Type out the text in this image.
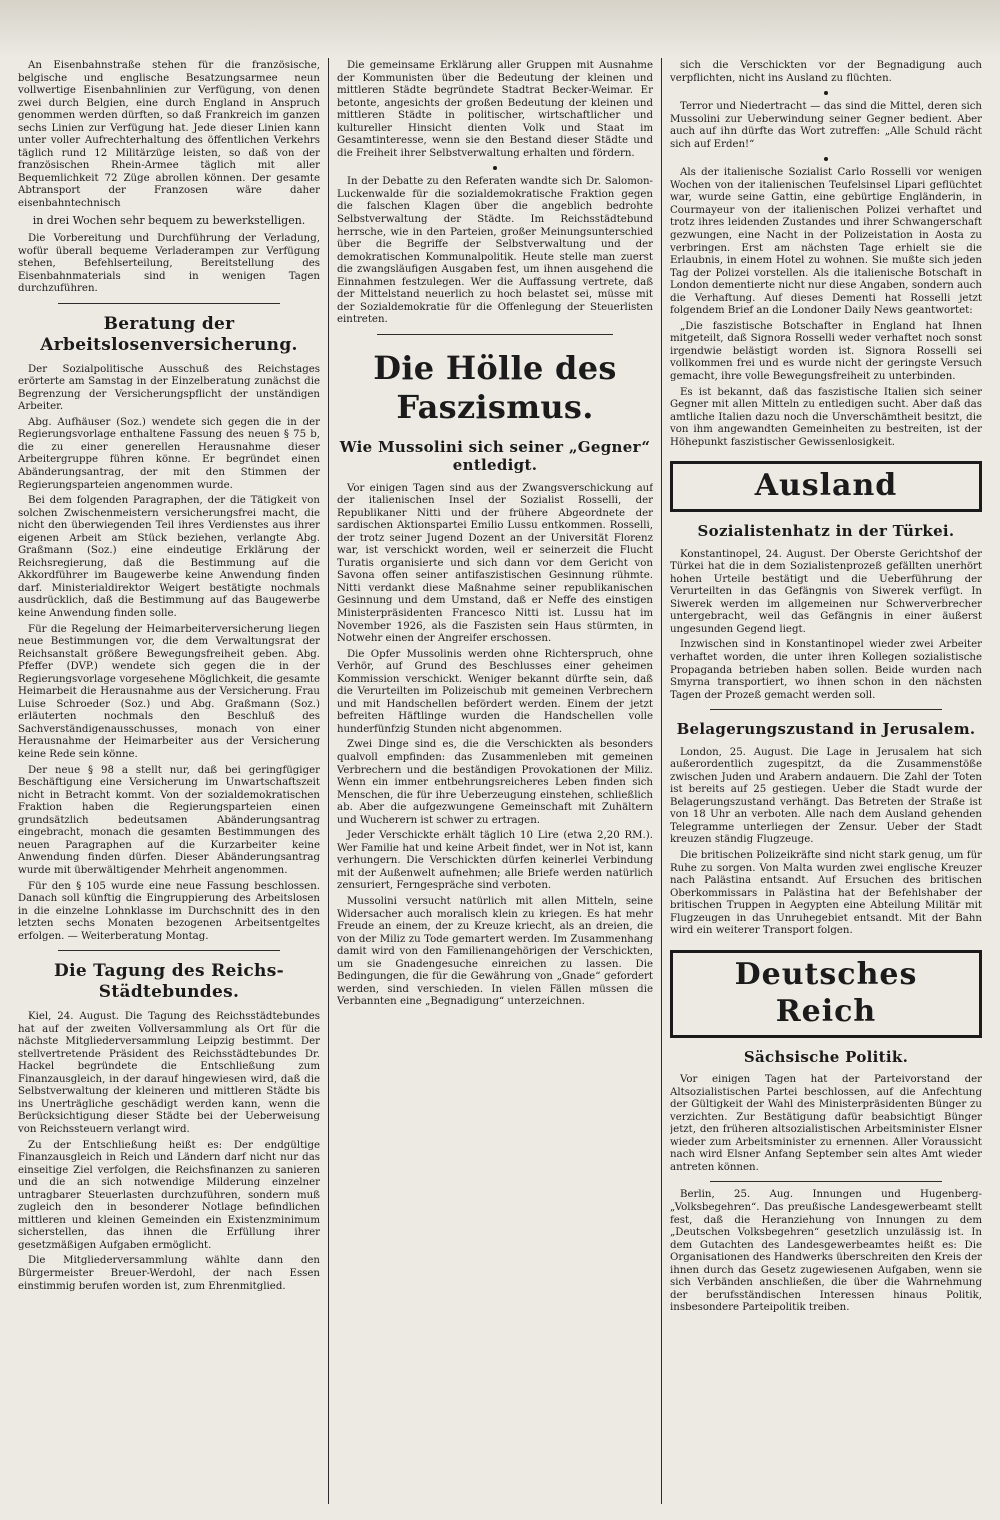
An Eisenbahnstraße stehen für die französische, belgische und englische Besatzungsarmee neun vollwertige Eisenbahnlinien zur Verfügung, von denen zwei durch Belgien, eine durch England in Anspruch genommen werden dürften, so daß Frankreich im ganzen sechs Linien zur Verfügung hat. Jede dieser Linien kann unter voller Aufrechterhaltung des öffentlichen Verkehrs täglich rund 12 Militärzüge leisten, so daß von der französischen Rhein-Armee täglich mit aller Bequemlichkeit 72 Züge abrollen können. Der gesamte Abtransport der Franzosen wäre daher eisenbahntechnisch

in drei Wochen sehr bequem zu bewerkstelligen.

Die Vorbereitung und Durchführung der Verladung, wofür überall bequeme Verladerampen zur Verfügung stehen, Befehlserteilung, Bereitstellung des Eisenbahnmaterials sind in wenigen Tagen durchzuführen.

Beratung der Arbeitslosenversicherung.

Der Sozialpolitische Ausschuß des Reichstages erörterte am Samstag in der Einzelberatung zunächst die Begrenzung der Versicherungspflicht der unständigen Arbeiter.

Abg. Aufhäuser (Soz.) wendete sich gegen die in der Regierungsvorlage enthaltene Fassung des neuen § 75 b, die zu einer generellen Herausnahme dieser Arbeitergruppe führen könne. Er begründet einen Abänderungsantrag, der mit den Stimmen der Regierungsparteien angenommen wurde.

Bei dem folgenden Paragraphen, der die Tätigkeit von solchen Zwischenmeistern versicherungsfrei macht, die nicht den überwiegenden Teil ihres Verdienstes aus ihrer eigenen Arbeit am Stück beziehen, verlangte Abg. Graßmann (Soz.) eine eindeutige Erklärung der Reichsregierung, daß die Bestimmung auf die Akkordführer im Baugewerbe keine Anwendung finden darf. Ministerialdirektor Weigert bestätigte nochmals ausdrücklich, daß die Bestimmung auf das Baugewerbe keine Anwendung finden solle.

Für die Regelung der Heimarbeiterversicherung liegen neue Bestimmungen vor, die dem Verwaltungsrat der Reichsanstalt größere Bewegungsfreiheit geben. Abg. Pfeffer (DVP.) wendete sich gegen die in der Regierungsvorlage vorgesehene Möglichkeit, die gesamte Heimarbeit die Herausnahme aus der Versicherung. Frau Luise Schroeder (Soz.) und Abg. Graßmann (Soz.) erläuterten nochmals den Beschluß des Sachverständigenausschusses, monach von einer Herausnahme der Heimarbeiter aus der Versicherung keine Rede sein könne.

Der neue § 98 a stellt nur, daß bei geringfügiger Beschäftigung eine Versicherung im Unwartschaftszeit nicht in Betracht kommt. Von der sozialdemokratischen Fraktion haben die Regierungsparteien einen grundsätzlich bedeutsamen Abänderungsantrag eingebracht, monach die gesamten Bestimmungen des neuen Paragraphen auf die Kurzarbeiter keine Anwendung finden dürfen. Dieser Abänderungsantrag wurde mit überwältigender Mehrheit angenommen.

Für den § 105 wurde eine neue Fassung beschlossen. Danach soll künftig die Eingruppierung des Arbeitslosen in die einzelne Lohnklasse im Durchschnitt des in den letzten sechs Monaten bezogenen Arbeitsentgeltes erfolgen. — Weiterberatung Montag.

Die Tagung des Reichs-Städtebundes.

Kiel, 24. August. Die Tagung des Reichsstädtebundes hat auf der zweiten Vollversammlung als Ort für die nächste Mitgliederversammlung Leipzig bestimmt. Der stellvertretende Präsident des Reichsstädtebundes Dr. Hackel begründete die Entschließung zum Finanzausgleich, in der darauf hingewiesen wird, daß die Selbstverwaltung der kleineren und mittleren Städte bis ins Unerträgliche geschädigt werden kann, wenn die Berücksichtigung dieser Städte bei der Ueberweisung von Reichssteuern verlangt wird.

Zu der Entschließung heißt es: Der endgültige Finanzausgleich in Reich und Ländern darf nicht nur das einseitige Ziel verfolgen, die Reichsfinanzen zu sanieren und die an sich notwendige Milderung einzelner untragbarer Steuerlasten durchzuführen, sondern muß zugleich den in besonderer Notlage befindlichen mittleren und kleinen Gemeinden ein Existenzminimum sicherstellen, das ihnen die Erfüllung ihrer gesetzmäßigen Aufgaben ermöglicht.

Die Mitgliederversammlung wählte dann den Bürgermeister Breuer-Werdohl, der nach Essen einstimmig berufen worden ist, zum Ehrenmitglied.

Die gemeinsame Erklärung aller Gruppen mit Ausnahme der Kommunisten über die Bedeutung der kleinen und mittleren Städte begründete Stadtrat Becker-Weimar. Er betonte, angesichts der großen Bedeutung der kleinen und mittleren Städte in politischer, wirtschaftlicher und kultureller Hinsicht dienten Volk und Staat im Gesamtinteresse, wenn sie den Bestand dieser Städte und die Freiheit ihrer Selbstverwaltung erhalten und fördern.

In der Debatte zu den Referaten wandte sich Dr. Salomon-Luckenwalde für die sozialdemokratische Fraktion gegen die falschen Klagen über die angeblich bedrohte Selbstverwaltung der Städte. Im Reichsstädtebund herrsche, wie in den Parteien, großer Meinungsunterschied über die Begriffe der Selbstverwaltung und der demokratischen Kommunalpolitik. Heute stelle man zuerst die zwangsläufigen Ausgaben fest, um ihnen ausgehend die Einnahmen festzulegen. Wer die Auffassung vertrete, daß der Mittelstand neuerlich zu hoch belastet sei, müsse mit der Sozialdemokratie für die Offenlegung der Steuerlisten eintreten.

Die Hölle des Faszismus.
Wie Mussolini sich seiner „Gegner“ entledigt.

Vor einigen Tagen sind aus der Zwangsverschickung auf der italienischen Insel der Sozialist Rosselli, der Republikaner Nitti und der frühere Abgeordnete der sardischen Aktionspartei Emilio Lussu entkommen. Rosselli, der trotz seiner Jugend Dozent an der Universität Florenz war, ist verschickt worden, weil er seinerzeit die Flucht Turatis organisierte und sich dann vor dem Gericht von Savona offen seiner antifaszistischen Gesinnung rühmte. Nitti verdankt diese Maßnahme seiner republikanischen Gesinnung und dem Umstand, daß er Neffe des einstigen Ministerpräsidenten Francesco Nitti ist. Lussu hat im November 1926, als die Faszisten sein Haus stürmten, in Notwehr einen der Angreifer erschossen.

Die Opfer Mussolinis werden ohne Richterspruch, ohne Verhör, auf Grund des Beschlusses einer geheimen Kommission verschickt. Weniger bekannt dürfte sein, daß die Verurteilten im Polizeischub mit gemeinen Verbrechern und mit Handschellen befördert werden. Einem der jetzt befreiten Häftlinge wurden die Handschellen volle hunderfünfzig Stunden nicht abgenommen.

Zwei Dinge sind es, die die Verschickten als besonders qualvoll empfinden: das Zusammenleben mit gemeinen Verbrechern und die beständigen Provokationen der Miliz. Wenn ein immer entbehrungsreicheres Leben finden sich Menschen, die für ihre Ueberzeugung einstehen, schließlich ab. Aber die aufgezwungene Gemeinschaft mit Zuhältern und Wucherern ist schwer zu ertragen.

Jeder Verschickte erhält täglich 10 Lire (etwa 2,20 RM.). Wer Familie hat und keine Arbeit findet, wer in Not ist, kann verhungern. Die Verschickten dürfen keinerlei Verbindung mit der Außenwelt aufnehmen; alle Briefe werden natürlich zensuriert, Ferngespräche sind verboten.

Mussolini versucht natürlich mit allen Mitteln, seine Widersacher auch moralisch klein zu kriegen. Es hat mehr Freude an einem, der zu Kreuze kriecht, als an dreien, die von der Miliz zu Tode gemartert werden. Im Zusammenhang damit wird von den Familienangehörigen der Verschickten, um sie Gnadengesuche einreichen zu lassen. Die Bedingungen, die für die Gewährung von „Gnade“ gefordert werden, sind verschieden. In vielen Fällen müssen die Verbannten eine „Begnadigung“ unterzeichnen.

sich die Verschickten vor der Begnadigung auch verpflichten, nicht ins Ausland zu flüchten.

Terror und Niedertracht — das sind die Mittel, deren sich Mussolini zur Ueberwindung seiner Gegner bedient. Aber auch auf ihn dürfte das Wort zutreffen: „Alle Schuld rächt sich auf Erden!“

Als der italienische Sozialist Carlo Rosselli vor wenigen Wochen von der italienischen Teufelsinsel Lipari geflüchtet war, wurde seine Gattin, eine gebürtige Engländerin, in Courmayeur von der italienischen Polizei verhaftet und trotz ihres leidenden Zustandes und ihrer Schwangerschaft gezwungen, eine Nacht in der Polizeistation in Aosta zu verbringen. Erst am nächsten Tage erhielt sie die Erlaubnis, in einem Hotel zu wohnen. Sie mußte sich jeden Tag der Polizei vorstellen. Als die italienische Botschaft in London dementierte nicht nur diese Angaben, sondern auch die Verhaftung. Auf dieses Dementi hat Rosselli jetzt folgendem Brief an die Londoner Daily News geantwortet:

„Die faszistische Botschafter in England hat Ihnen mitgeteilt, daß Signora Rosselli weder verhaftet noch sonst irgendwie belästigt worden ist. Signora Rosselli sei vollkommen frei und es wurde nicht der geringste Versuch gemacht, ihre volle Bewegungsfreiheit zu unterbinden.

Es ist bekannt, daß das faszistische Italien sich seiner Gegner mit allen Mitteln zu entledigen sucht. Aber daß das amtliche Italien dazu noch die Unverschämtheit besitzt, die von ihm angewandten Gemeinheiten zu bestreiten, ist der Höhepunkt faszistischer Gewissenlosigkeit.

Ausland
Sozialistenhatz in der Türkei.

Konstantinopel, 24. August. Der Oberste Gerichtshof der Türkei hat die in dem Sozialistenprozeß gefällten unerhört hohen Urteile bestätigt und die Ueberführung der Verurteilten in das Gefängnis von Siwerek verfügt. In Siwerek werden im allgemeinen nur Schwerverbrecher untergebracht, weil das Gefängnis in einer äußerst ungesunden Gegend liegt.

Inzwischen sind in Konstantinopel wieder zwei Arbeiter verhaftet worden, die unter ihren Kollegen sozialistische Propaganda betrieben haben sollen. Beide wurden nach Smyrna transportiert, wo ihnen schon in den nächsten Tagen der Prozeß gemacht werden soll.

Belagerungszustand in Jerusalem.

London, 25. August. Die Lage in Jerusalem hat sich außerordentlich zugespitzt, da die Zusammenstöße zwischen Juden und Arabern andauern. Die Zahl der Toten ist bereits auf 25 gestiegen. Ueber die Stadt wurde der Belagerungszustand verhängt. Das Betreten der Straße ist von 18 Uhr an verboten. Alle nach dem Ausland gehenden Telegramme unterliegen der Zensur. Ueber der Stadt kreuzen ständig Flugzeuge.

Die britischen Polizeikräfte sind nicht stark genug, um für Ruhe zu sorgen. Von Malta wurden zwei englische Kreuzer nach Palästina entsandt. Auf Ersuchen des britischen Oberkommissars in Palästina hat der Befehlshaber der britischen Truppen in Aegypten eine Abteilung Militär mit Flugzeugen in das Unruhegebiet entsandt. Mit der Bahn wird ein weiterer Transport folgen.

Deutsches Reich
Sächsische Politik.

Vor einigen Tagen hat der Parteivorstand der Altsozialistischen Partei beschlossen, auf die Anfechtung der Gültigkeit der Wahl des Ministerpräsidenten Bünger zu verzichten. Zur Bestätigung dafür beabsichtigt Bünger jetzt, den früheren altsozialistischen Arbeitsminister Elsner wieder zum Arbeitsminister zu ernennen. Aller Voraussicht nach wird Elsner Anfang September sein altes Amt wieder antreten können.

Berlin, 25. Aug. Innungen und Hugenberg-„Volksbegehren“. Das preußische Landesgewerbeamt stellt fest, daß die Heranziehung von Innungen zu dem „Deutschen Volksbegehren“ gesetzlich unzulässig ist. In dem Gutachten des Landesgewerbeamtes heißt es: Die Organisationen des Handwerks überschreiten den Kreis der ihnen durch das Gesetz zugewiesenen Aufgaben, wenn sie sich Verbänden anschließen, die über die Wahrnehmung der berufsständischen Interessen hinaus Politik, insbesondere Parteipolitik treiben.
